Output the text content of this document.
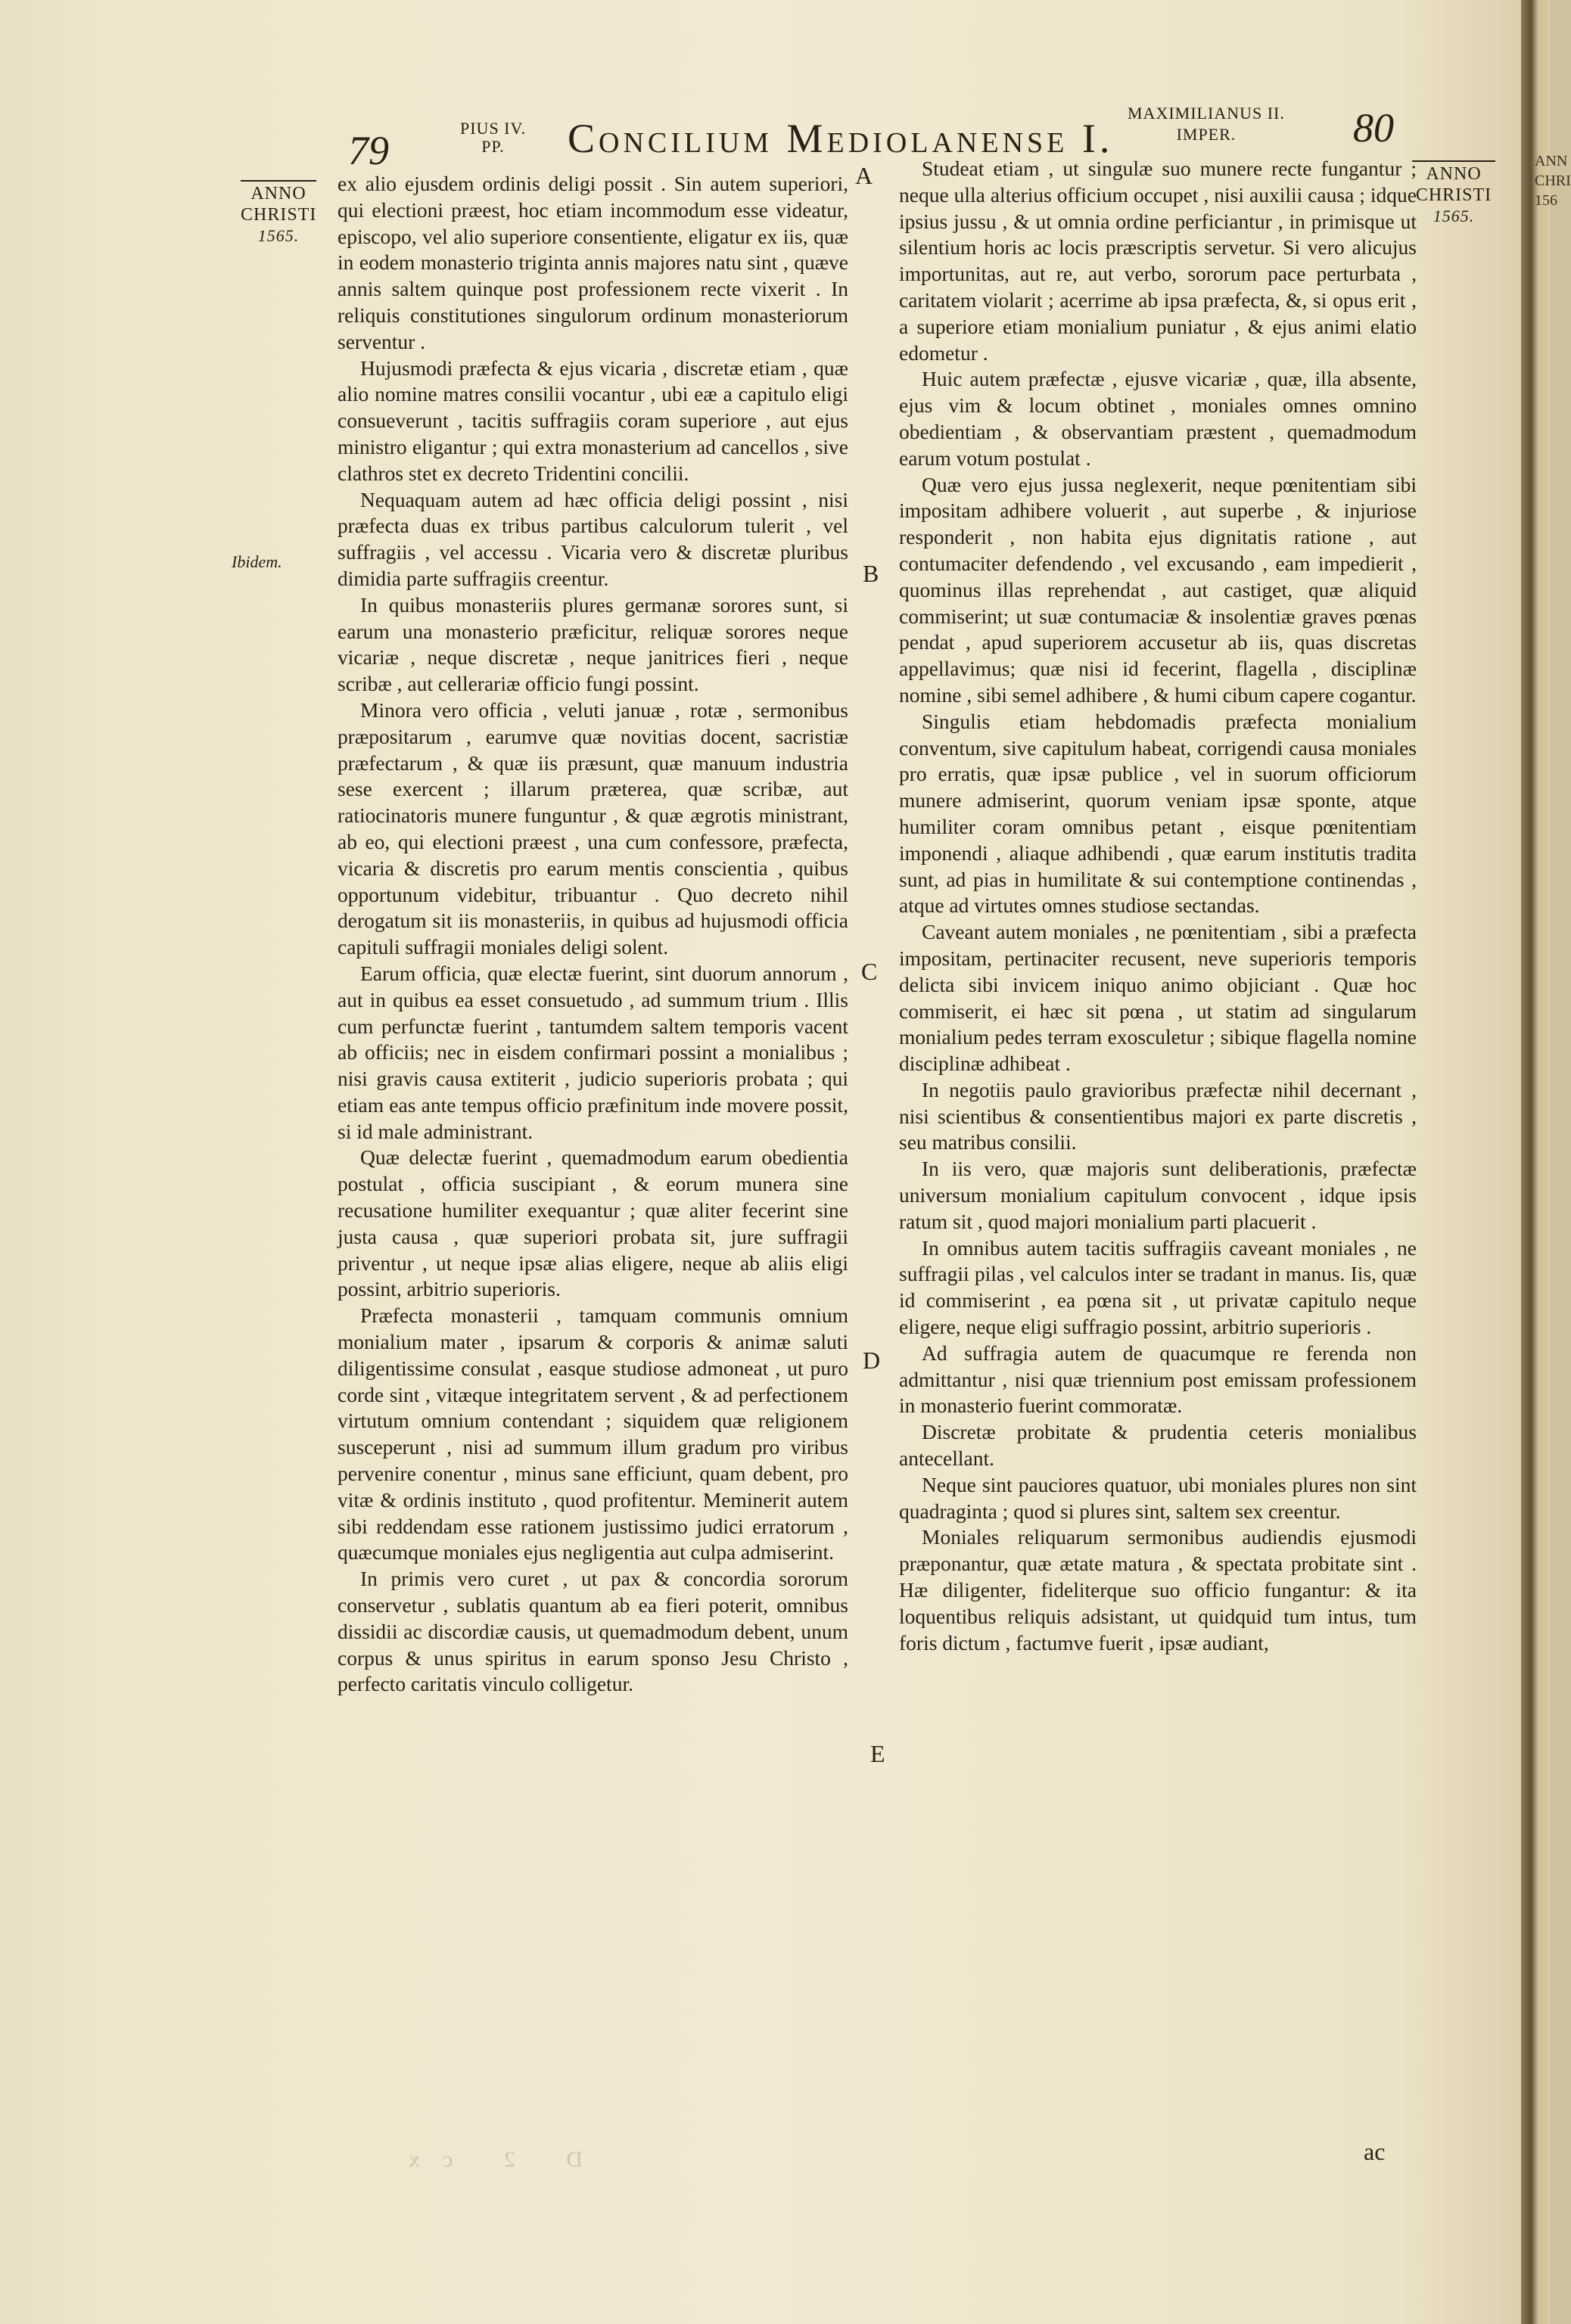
79	PIUS IV.
PP.	Concilium Mediolanense I.
MAXIMILIANUS II.
IMPER.	80
ANNO
CHRISTI
1565.
ANNO
CHRISTI
1565.
Ibidem.
A
B
C
D
E

ex alio ejusdem ordinis deligi possit . Sin autem superiori, qui electioni præest, hoc etiam incommodum esse videatur, episcopo, vel alio superiore consentiente, eligatur ex iis, quæ in eodem monasterio triginta annis majores natu sint , quæve annis saltem quinque post professionem recte vixerit . In reliquis constitutiones singulorum ordinum monasteriorum serventur .

Hujusmodi præfecta & ejus vicaria , discretæ etiam , quæ alio nomine matres consilii vocantur , ubi eæ a capitulo eligi consueverunt , tacitis suffragiis coram superiore , aut ejus ministro eligantur ; qui extra monasterium ad cancellos , sive clathros stet ex decreto Tridentini concilii.

Nequaquam autem ad hæc officia deligi possint , nisi præfecta duas ex tribus partibus calculorum tulerit , vel suffragiis , vel accessu . Vicaria vero & discretæ pluribus dimidia parte suffragiis creentur.

In quibus monasteriis plures germanæ sorores sunt, si earum una monasterio præficitur, reliquæ sorores neque vicariæ , neque discretæ , neque janitrices fieri , neque scribæ , aut cellerariæ officio fungi possint.

Minora vero officia , veluti januæ , rotæ , sermonibus præpositarum , earumve quæ novitias docent, sacristiæ præfectarum , & quæ iis præsunt, quæ manuum industria sese exercent ; illarum præterea, quæ scribæ, aut ratiocinatoris munere funguntur , & quæ ægrotis ministrant, ab eo, qui electioni præest , una cum confessore, præfecta, vicaria & discretis pro earum mentis conscientia , quibus opportunum videbitur, tribuantur . Quo decreto nihil derogatum sit iis monasteriis, in quibus ad hujusmodi officia capituli suffragii moniales deligi solent.

Earum officia, quæ electæ fuerint, sint duorum annorum , aut in quibus ea esset consuetudo , ad summum trium . Illis cum perfunctæ fuerint , tantumdem saltem temporis vacent ab officiis; nec in eisdem confirmari possint a monialibus ; nisi gravis causa extiterit , judicio superioris probata ; qui etiam eas ante tempus officio præfinitum inde movere possit, si id male administrant.

Quæ delectæ fuerint , quemadmodum earum obedientia postulat , officia suscipiant , & eorum munera sine recusatione humiliter exequantur ; quæ aliter fecerint sine justa causa , quæ superiori probata sit, jure suffragii priventur , ut neque ipsæ alias eligere, neque ab aliis eligi possint, arbitrio superioris.

Præfecta monasterii , tamquam communis omnium monialium mater , ipsarum & corporis & animæ saluti diligentissime consulat , easque studiose admoneat , ut puro corde sint , vitæque integritatem servent , & ad perfectionem virtutum omnium contendant ; siquidem quæ religionem susceperunt , nisi ad summum illum gradum pro viribus pervenire conentur , minus sane efficiunt, quam debent, pro vitæ & ordinis instituto , quod profitentur. Meminerit autem sibi reddendam esse rationem justissimo judici erratorum , quæcumque moniales ejus negligentia aut culpa admiserint.

In primis vero curet , ut pax & concordia sororum conservetur , sublatis quantum ab ea fieri poterit, omnibus dissidii ac discordiæ causis, ut quemadmodum debent, unum corpus & unus spiritus in earum sponso Jesu Christo , perfecto caritatis vinculo colligetur.

Studeat etiam , ut singulæ suo munere recte fungantur ; neque ulla alterius officium occupet , nisi auxilii causa ; idque ipsius jussu , & ut omnia ordine perficiantur , in primisque ut silentium horis ac locis præscriptis servetur. Si vero alicujus importunitas, aut re, aut verbo, sororum pace perturbata , caritatem violarit ; acerrime ab ipsa præfecta, &, si opus erit , a superiore etiam monialium puniatur , & ejus animi elatio edometur .

Huic autem præfectæ , ejusve vicariæ , quæ, illa absente, ejus vim & locum obtinet , moniales omnes omnino obedientiam , & observantiam præstent , quemadmodum earum votum postulat .

Quæ vero ejus jussa neglexerit, neque pœnitentiam sibi impositam adhibere voluerit , aut superbe , & injuriose responderit , non habita ejus dignitatis ratione , aut contumaciter defendendo , vel excusando , eam impedierit , quominus illas reprehendat , aut castiget, quæ aliquid commiserint; ut suæ contumaciæ & insolentiæ graves pœnas pendat , apud superiorem accusetur ab iis, quas discretas appellavimus; quæ nisi id fecerint, flagella , disciplinæ nomine , sibi semel adhibere , & humi cibum capere cogantur.

Singulis etiam hebdomadis præfecta monialium conventum, sive capitulum habeat, corrigendi causa moniales pro erratis, quæ ipsæ publice , vel in suorum officiorum munere admiserint, quorum veniam ipsæ sponte, atque humiliter coram omnibus petant , eisque pœnitentiam imponendi , aliaque adhibendi , quæ earum institutis tradita sunt, ad pias in humilitate & sui contemptione continendas , atque ad virtutes omnes studiose sectandas.

Caveant autem moniales , ne pœnitentiam , sibi a præfecta impositam, pertinaciter recusent, neve superioris temporis delicta sibi invicem iniquo animo objiciant . Quæ hoc commiserit, ei hæc sit pœna , ut statim ad singularum monialium pedes terram exosculetur ; sibique flagella nomine disciplinæ adhibeat .

In negotiis paulo gravioribus præfectæ nihil decernant , nisi scientibus & consentientibus majori ex parte discretis , seu matribus consilii.

In iis vero, quæ majoris sunt deliberationis, præfectæ universum monialium capitulum convocent , idque ipsis ratum sit , quod majori monialium parti placuerit .

In omnibus autem tacitis suffragiis caveant moniales , ne suffragii pilas , vel calculos inter se tradant in manus. Iis, quæ id commiserint , ea pœna sit , ut privatæ capitulo neque eligere, neque eligi suffragio possint, arbitrio superioris .

Ad suffragia autem de quacumque re ferenda non admittantur , nisi quæ triennium post emissam professionem in monasterio fuerint commoratæ.

Discretæ probitate & prudentia ceteris monialibus antecellant.

Neque sint pauciores quatuor, ubi moniales plures non sint quadraginta ; quod si plures sint, saltem sex creentur.

Moniales reliquarum sermonibus audiendis ejusmodi præponantur, quæ ætate matura , & spectata probitate sint . Hæ diligenter, fideliterque suo officio fungantur: & ita loquentibus reliquis adsistant, ut quidquid tum intus, tum foris dictum , factumve fuerit , ipsæ audiant,

ac
D 2 cx
ANN
CHRI
156
